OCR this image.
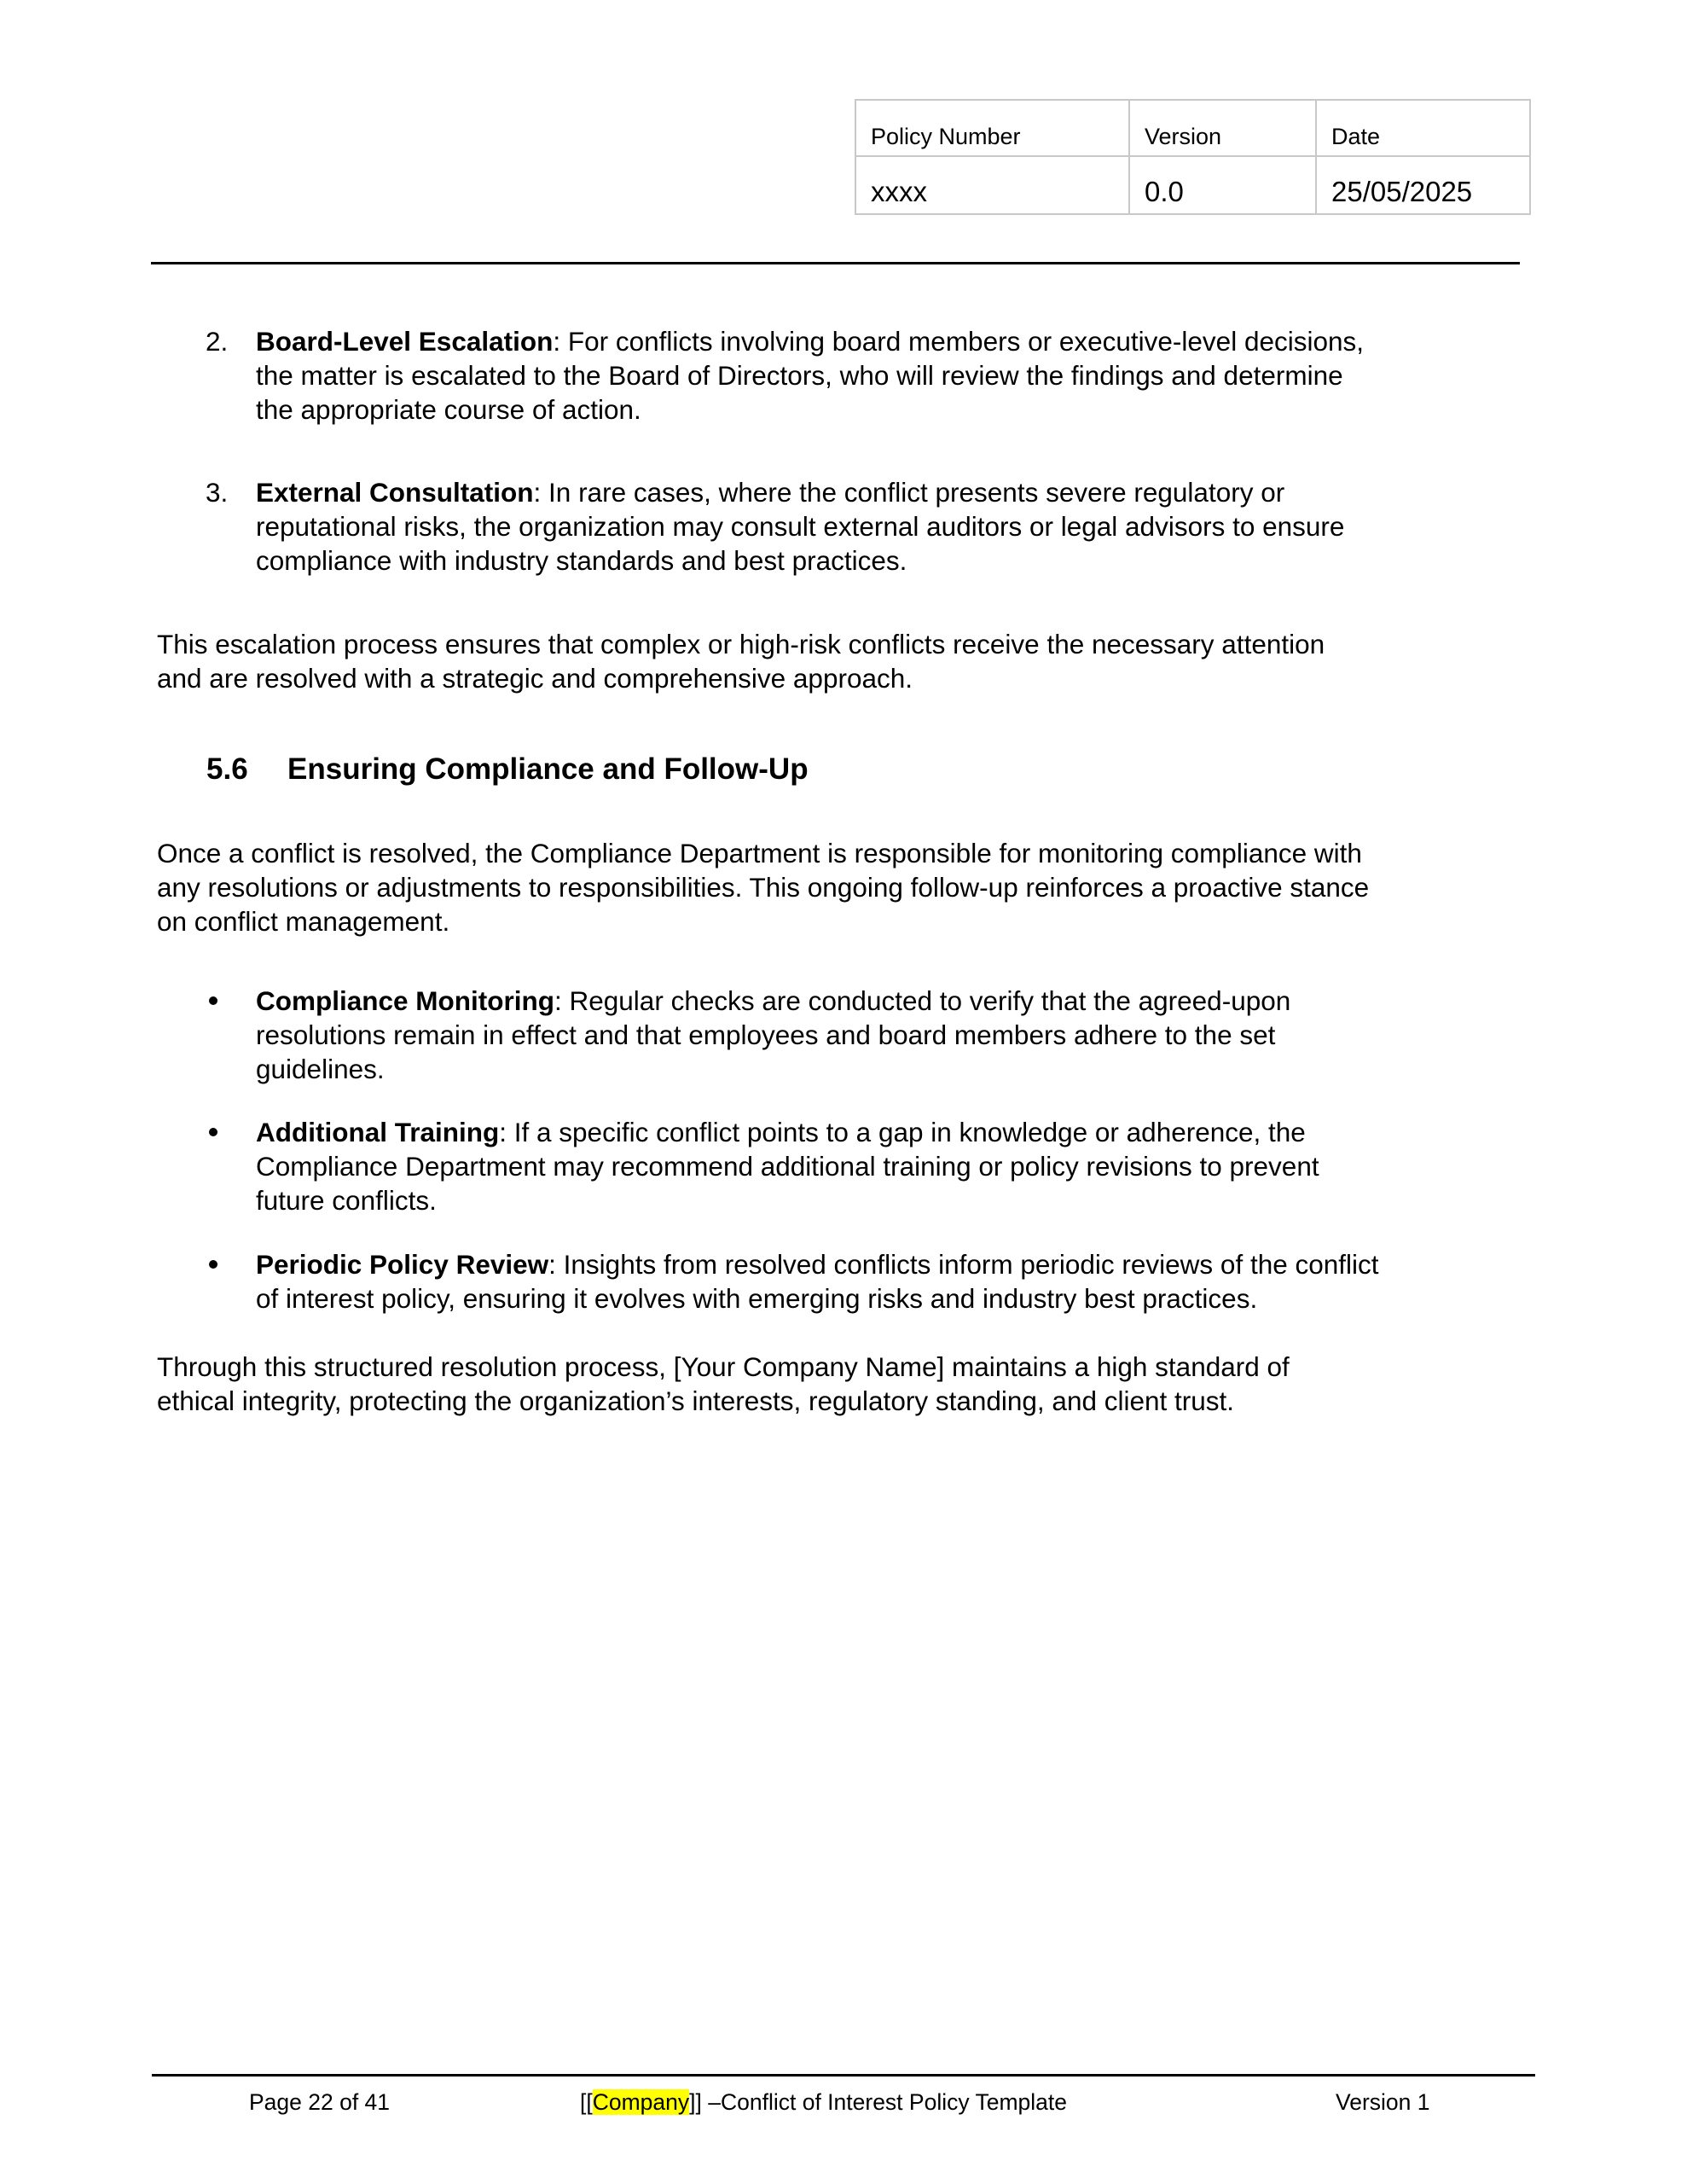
Policy Number	Version	Date
xxxx	0.0	25/05/2025
2. Board-Level Escalation: For conflicts involving board members or executive-level decisions,
the matter is escalated to the Board of Directors, who will review the findings and determine
the appropriate course of action.
3. External Consultation: In rare cases, where the conflict presents severe regulatory or
reputational risks, the organization may consult external auditors or legal advisors to ensure
compliance with industry standards and best practices.
This escalation process ensures that complex or high-risk conflicts receive the necessary attention
and are resolved with a strategic and comprehensive approach.
5.6 Ensuring Compliance and Follow-Up
Once a conflict is resolved, the Compliance Department is responsible for monitoring compliance with
any resolutions or adjustments to responsibilities. This ongoing follow-up reinforces a proactive stance
on conflict management.
Compliance Monitoring: Regular checks are conducted to verify that the agreed-upon
resolutions remain in effect and that employees and board members adhere to the set
guidelines.
Additional Training: If a specific conflict points to a gap in knowledge or adherence, the
Compliance Department may recommend additional training or policy revisions to prevent
future conflicts.
Periodic Policy Review: Insights from resolved conflicts inform periodic reviews of the conflict
of interest policy, ensuring it evolves with emerging risks and industry best practices.
Through this structured resolution process, [Your Company Name] maintains a high standard of
ethical integrity, protecting the organization’s interests, regulatory standing, and client trust.
Page 22 of 41	[[Company]] –Conflict of Interest Policy Template	Version 1
